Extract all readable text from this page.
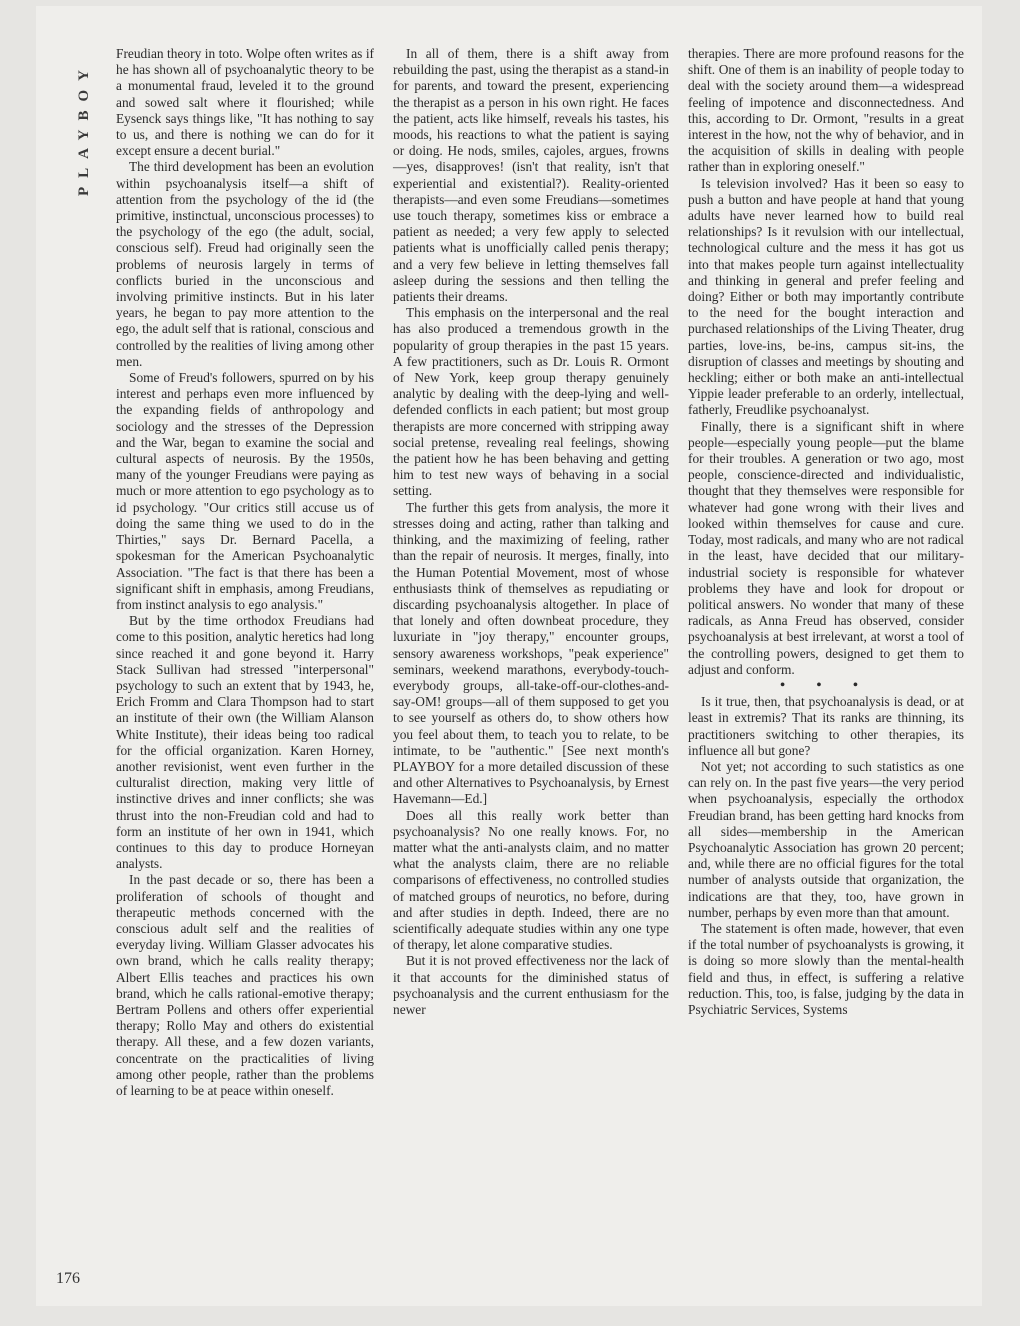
PLAYBOY

Freudian theory in toto. Wolpe often writes as if he has shown all of psychoanalytic theory to be a monumental fraud, leveled it to the ground and sowed salt where it flourished; while Eysenck says things like, "It has nothing to say to us, and there is nothing we can do for it except ensure a decent burial."

The third development has been an evolution within psychoanalysis itself—a shift of attention from the psychology of the id (the primitive, instinctual, unconscious processes) to the psychology of the ego (the adult, social, conscious self). Freud had originally seen the problems of neurosis largely in terms of conflicts buried in the unconscious and involving primitive instincts. But in his later years, he began to pay more attention to the ego, the adult self that is rational, conscious and controlled by the realities of living among other men.

Some of Freud's followers, spurred on by his interest and perhaps even more influenced by the expanding fields of anthropology and sociology and the stresses of the Depression and the War, began to examine the social and cultural aspects of neurosis. By the 1950s, many of the younger Freudians were paying as much or more attention to ego psychology as to id psychology. "Our critics still accuse us of doing the same thing we used to do in the Thirties," says Dr. Bernard Pacella, a spokesman for the American Psychoanalytic Association. "The fact is that there has been a significant shift in emphasis, among Freudians, from instinct analysis to ego analysis."

But by the time orthodox Freudians had come to this position, analytic heretics had long since reached it and gone beyond it. Harry Stack Sullivan had stressed "interpersonal" psychology to such an extent that by 1943, he, Erich Fromm and Clara Thompson had to start an institute of their own (the William Alanson White Institute), their ideas being too radical for the official organization. Karen Horney, another revisionist, went even further in the culturalist direction, making very little of instinctive drives and inner conflicts; she was thrust into the non-Freudian cold and had to form an institute of her own in 1941, which continues to this day to produce Horneyan analysts.

In the past decade or so, there has been a proliferation of schools of thought and therapeutic methods concerned with the conscious adult self and the realities of everyday living. William Glasser advocates his own brand, which he calls reality therapy; Albert Ellis teaches and practices his own brand, which he calls rational-emotive therapy; Bertram Pollens and others offer experiential therapy; Rollo May and others do existential therapy. All these, and a few dozen variants, concentrate on the practicalities of living among other people, rather than the problems of learning to be at peace within oneself.

In all of them, there is a shift away from rebuilding the past, using the therapist as a stand-in for parents, and toward the present, experiencing the therapist as a person in his own right. He faces the patient, acts like himself, reveals his tastes, his moods, his reactions to what the patient is saying or doing. He nods, smiles, cajoles, argues, frowns—yes, disapproves! (isn't that reality, isn't that experiential and existential?). Reality-oriented therapists—and even some Freudians—sometimes use touch therapy, sometimes kiss or embrace a patient as needed; a very few apply to selected patients what is unofficially called penis therapy; and a very few believe in letting themselves fall asleep during the sessions and then telling the patients their dreams.

This emphasis on the interpersonal and the real has also produced a tremendous growth in the popularity of group therapies in the past 15 years. A few practitioners, such as Dr. Louis R. Ormont of New York, keep group therapy genuinely analytic by dealing with the deep-lying and well-defended conflicts in each patient; but most group therapists are more concerned with stripping away social pretense, revealing real feelings, showing the patient how he has been behaving and getting him to test new ways of behaving in a social setting.

The further this gets from analysis, the more it stresses doing and acting, rather than talking and thinking, and the maximizing of feeling, rather than the repair of neurosis. It merges, finally, into the Human Potential Movement, most of whose enthusiasts think of themselves as repudiating or discarding psychoanalysis altogether. In place of that lonely and often downbeat procedure, they luxuriate in "joy therapy," encounter groups, sensory awareness workshops, "peak experience" seminars, weekend marathons, everybody-touch-everybody groups, all-take-off-our-clothes-and-say-OM! groups—all of them supposed to get you to see yourself as others do, to show others how you feel about them, to teach you to relate, to be intimate, to be "authentic." [See next month's PLAYBOY for a more detailed discussion of these and other Alternatives to Psychoanalysis, by Ernest Havemann—Ed.]

Does all this really work better than psychoanalysis? No one really knows. For, no matter what the anti-analysts claim, and no matter what the analysts claim, there are no reliable comparisons of effectiveness, no controlled studies of matched groups of neurotics, no before, during and after studies in depth. Indeed, there are no scientifically adequate studies within any one type of therapy, let alone comparative studies.

But it is not proved effectiveness nor the lack of it that accounts for the diminished status of psychoanalysis and the current enthusiasm for the newer

therapies. There are more profound reasons for the shift. One of them is an inability of people today to deal with the society around them—a widespread feeling of impotence and disconnectedness. And this, according to Dr. Ormont, "results in a great interest in the how, not the why of behavior, and in the acquisition of skills in dealing with people rather than in exploring oneself."

Is television involved? Has it been so easy to push a button and have people at hand that young adults have never learned how to build real relationships? Is it revulsion with our intellectual, technological culture and the mess it has got us into that makes people turn against intellectuality and thinking in general and prefer feeling and doing? Either or both may importantly contribute to the need for the bought interaction and purchased relationships of the Living Theater, drug parties, love-ins, be-ins, campus sit-ins, the disruption of classes and meetings by shouting and heckling; either or both make an anti-intellectual Yippie leader preferable to an orderly, intellectual, fatherly, Freudlike psychoanalyst.

Finally, there is a significant shift in where people—especially young people—put the blame for their troubles. A generation or two ago, most people, conscience-directed and individualistic, thought that they themselves were responsible for whatever had gone wrong with their lives and looked within themselves for cause and cure. Today, most radicals, and many who are not radical in the least, have decided that our military-industrial society is responsible for whatever problems they have and look for dropout or political answers. No wonder that many of these radicals, as Anna Freud has observed, consider psychoanalysis at best irrelevant, at worst a tool of the controlling powers, designed to get them to adjust and conform.

• • •

Is it true, then, that psychoanalysis is dead, or at least in extremis? That its ranks are thinning, its practitioners switching to other therapies, its influence all but gone?

Not yet; not according to such statistics as one can rely on. In the past five years—the very period when psychoanalysis, especially the orthodox Freudian brand, has been getting hard knocks from all sides—membership in the American Psychoanalytic Association has grown 20 percent; and, while there are no official figures for the total number of analysts outside that organization, the indications are that they, too, have grown in number, perhaps by even more than that amount.

The statement is often made, however, that even if the total number of psychoanalysts is growing, it is doing so more slowly than the mental-health field and thus, in effect, is suffering a relative reduction. This, too, is false, judging by the data in Psychiatric Services, Systems

176
